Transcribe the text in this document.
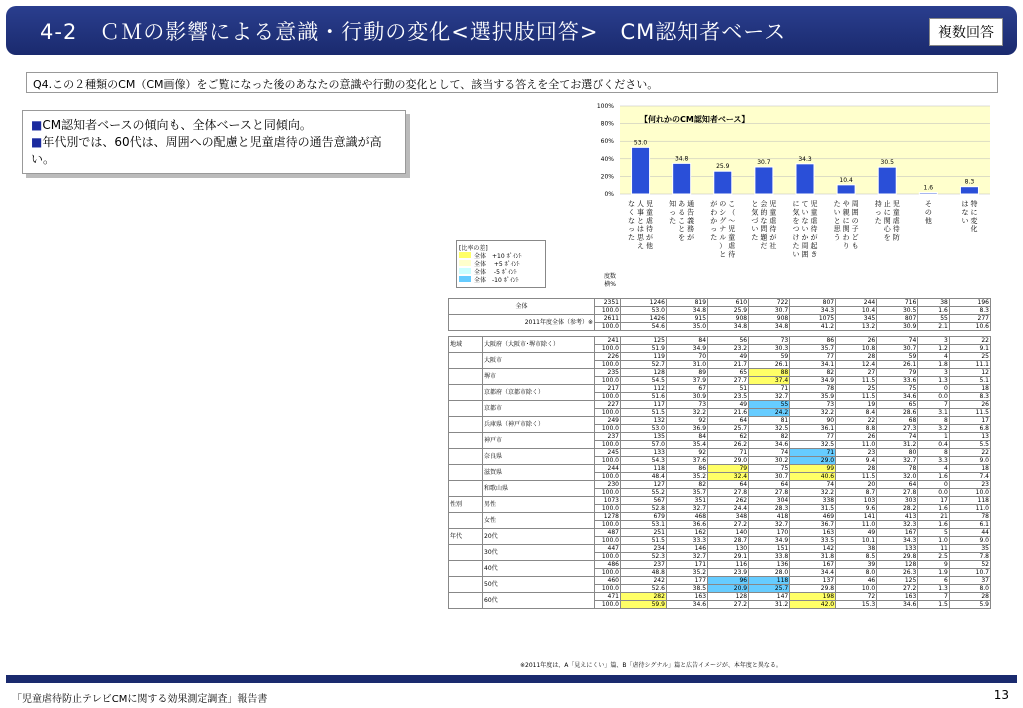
4-2　ＣＭの影響による意識・行動の変化<選択肢回答>　CM認知者ベース	複数回答
Q4.この２種類のCM（CM画像）をご覧になった後のあなたの意識や行動の変化として、該当する答えを全てお選びください。
■CM認知者ベースの傾向も、全体ベースと同傾向。
■年代別では、60代は、周囲への配慮と児童虐待の通告意識が高い。
0%
20%
40%
60%
80%
100%
【何れかのCM認知者ベース】
53.0
児童虐待が他人事とは思えなくなった
34.8
通告義務があることを知った
25.9
こ（〜児童虐待のシグナル）とがわかった
30.7
児童虐待が社会的な問題だと気づいた
34.3
児童虐待が起きていないか周囲に気をつけたい
10.4
周囲の子どもや親に関わりたいと思う
30.5
児童虐待防止に関心を持った
1.6
その他
8.3
特に変化はない
度数
横%
[比率の差]
全体　+10 ﾎﾟｲﾝﾄ
全体　 +5 ﾎﾟｲﾝﾄ
全体　 -5 ﾎﾟｲﾝﾄ
全体　-10 ﾎﾟｲﾝﾄ
全体		2351	1246	819	610	722	807	244	716	38	196
		100.0	53.0	34.8	25.9	30.7	34.3	10.4	30.5	1.6	8.3
2011年度全体（参考）※		2611	1426	915	908	908	1075	345	807	55	277
		100.0	54.6	35.0	34.8	34.8	41.2	13.2	30.9	2.1	10.6

地域	大阪府（大阪市･堺市除く）	241	125	84	56	73	86	26	74	3	22
		100.0	51.9	34.9	23.2	30.3	35.7	10.8	30.7	1.2	9.1
	大阪市	226	119	70	49	59	77	28	59	4	25
		100.0	52.7	31.0	21.7	26.1	34.1	12.4	26.1	1.8	11.1
	堺市	235	128	89	65	88	82	27	79	3	12
		100.0	54.5	37.9	27.7	37.4	34.9	11.5	33.6	1.3	5.1
	京都府（京都市除く）	217	112	67	51	71	78	25	75	0	18
		100.0	51.6	30.9	23.5	32.7	35.9	11.5	34.6	0.0	8.3
	京都市	227	117	73	49	55	73	19	65	7	26
		100.0	51.5	32.2	21.6	24.2	32.2	8.4	28.6	3.1	11.5
	兵庫県（神戸市除く）	249	132	92	64	81	90	22	68	8	17
		100.0	53.0	36.9	25.7	32.5	36.1	8.8	27.3	3.2	6.8
	神戸市	237	135	84	62	82	77	26	74	1	13
		100.0	57.0	35.4	26.2	34.6	32.5	11.0	31.2	0.4	5.5
	奈良県	245	133	92	71	74	71	23	80	8	22
		100.0	54.3	37.6	29.0	30.2	29.0	9.4	32.7	3.3	9.0
	滋賀県	244	118	86	79	75	99	28	78	4	18
		100.0	48.4	35.2	32.4	30.7	40.6	11.5	32.0	1.6	7.4
	和歌山県	230	127	82	64	64	74	20	64	0	23
		100.0	55.2	35.7	27.8	27.8	32.2	8.7	27.8	0.0	10.0
性別	男性	1073	567	351	262	304	338	103	303	17	118
		100.0	52.8	32.7	24.4	28.3	31.5	9.6	28.2	1.6	11.0
	女性	1278	679	468	348	418	469	141	413	21	78
		100.0	53.1	36.6	27.2	32.7	36.7	11.0	32.3	1.6	6.1
年代	20代	487	251	162	140	170	163	49	167	5	44
		100.0	51.5	33.3	28.7	34.9	33.5	10.1	34.3	1.0	9.0
	30代	447	234	146	130	151	142	38	133	11	35
		100.0	52.3	32.7	29.1	33.8	31.8	8.5	29.8	2.5	7.8
	40代	486	237	171	116	136	167	39	128	9	52
		100.0	48.8	35.2	23.9	28.0	34.4	8.0	26.3	1.9	10.7
	50代	460	242	177	96	118	137	46	125	6	37
		100.0	52.6	38.5	20.9	25.7	29.8	10.0	27.2	1.3	8.0
	60代	471	282	163	128	147	198	72	163	7	28
		100.0	59.9	34.6	27.2	31.2	42.0	15.3	34.6	1.5	5.9
※2011年度は、A「見えにくい」篇、B「虐待シグナル」篇と広告イメージが、本年度と異なる。
「児童虐待防止テレビCMに関する効果測定調査」報告書	13
